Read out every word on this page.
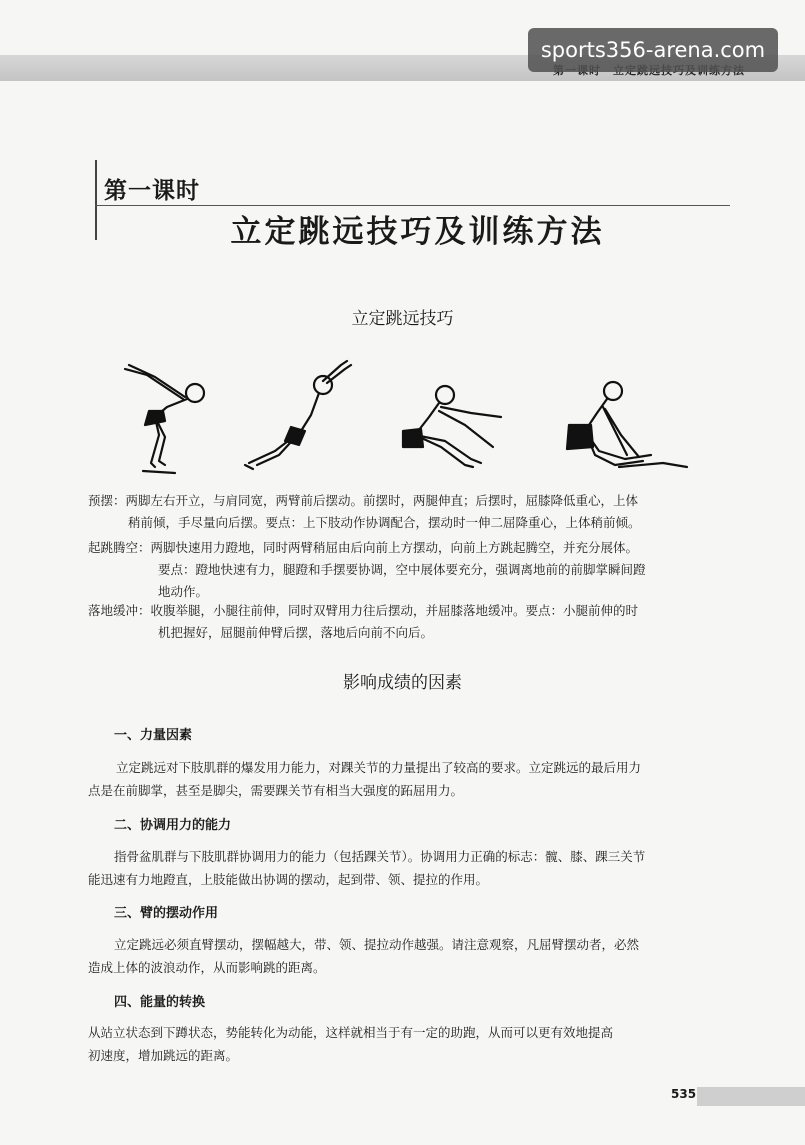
sports356-arena.com
第一课时
立定跳远技巧及训练方法
立定跳远技巧
预摆：两脚左右开立，与肩同宽，两臂前后摆动。前摆时，两腿伸直；后摆时，屈膝降低重心，上体
稍前倾，手尽量向后摆。要点：上下肢动作协调配合，摆动时一伸二屈降重心，上体稍前倾。
起跳腾空：两脚快速用力蹬地，同时两臂稍屈由后向前上方摆动，向前上方跳起腾空，并充分展体。
要点：蹬地快速有力，腿蹬和手摆要协调，空中展体要充分，强调离地前的前脚掌瞬间蹬
地动作。
落地缓冲：收腹举腿，小腿往前伸，同时双臂用力往后摆动，并屈膝落地缓冲。要点：小腿前伸的时
机把握好，屈腿前伸臂后摆，落地后向前不向后。
影响成绩的因素
一、力量因素
立定跳远对下肢肌群的爆发用力能力，对踝关节的力量提出了较高的要求。立定跳远的最后用力
点是在前脚掌，甚至是脚尖，需要踝关节有相当大强度的跖屈用力。
二、协调用力的能力
指骨盆肌群与下肢肌群协调用力的能力（包括踝关节）。协调用力正确的标志：髋、膝、踝三关节
能迅速有力地蹬直，上肢能做出协调的摆动，起到带、领、提拉的作用。
三、臂的摆动作用
立定跳远必须直臂摆动，摆幅越大，带、领、提拉动作越强。请注意观察，凡屈臂摆动者，必然
造成上体的波浪动作，从而影响跳的距离。
四、能量的转换
从站立状态到下蹲状态，势能转化为动能，这样就相当于有一定的助跑，从而可以更有效地提高
初速度，增加跳远的距离。
535
